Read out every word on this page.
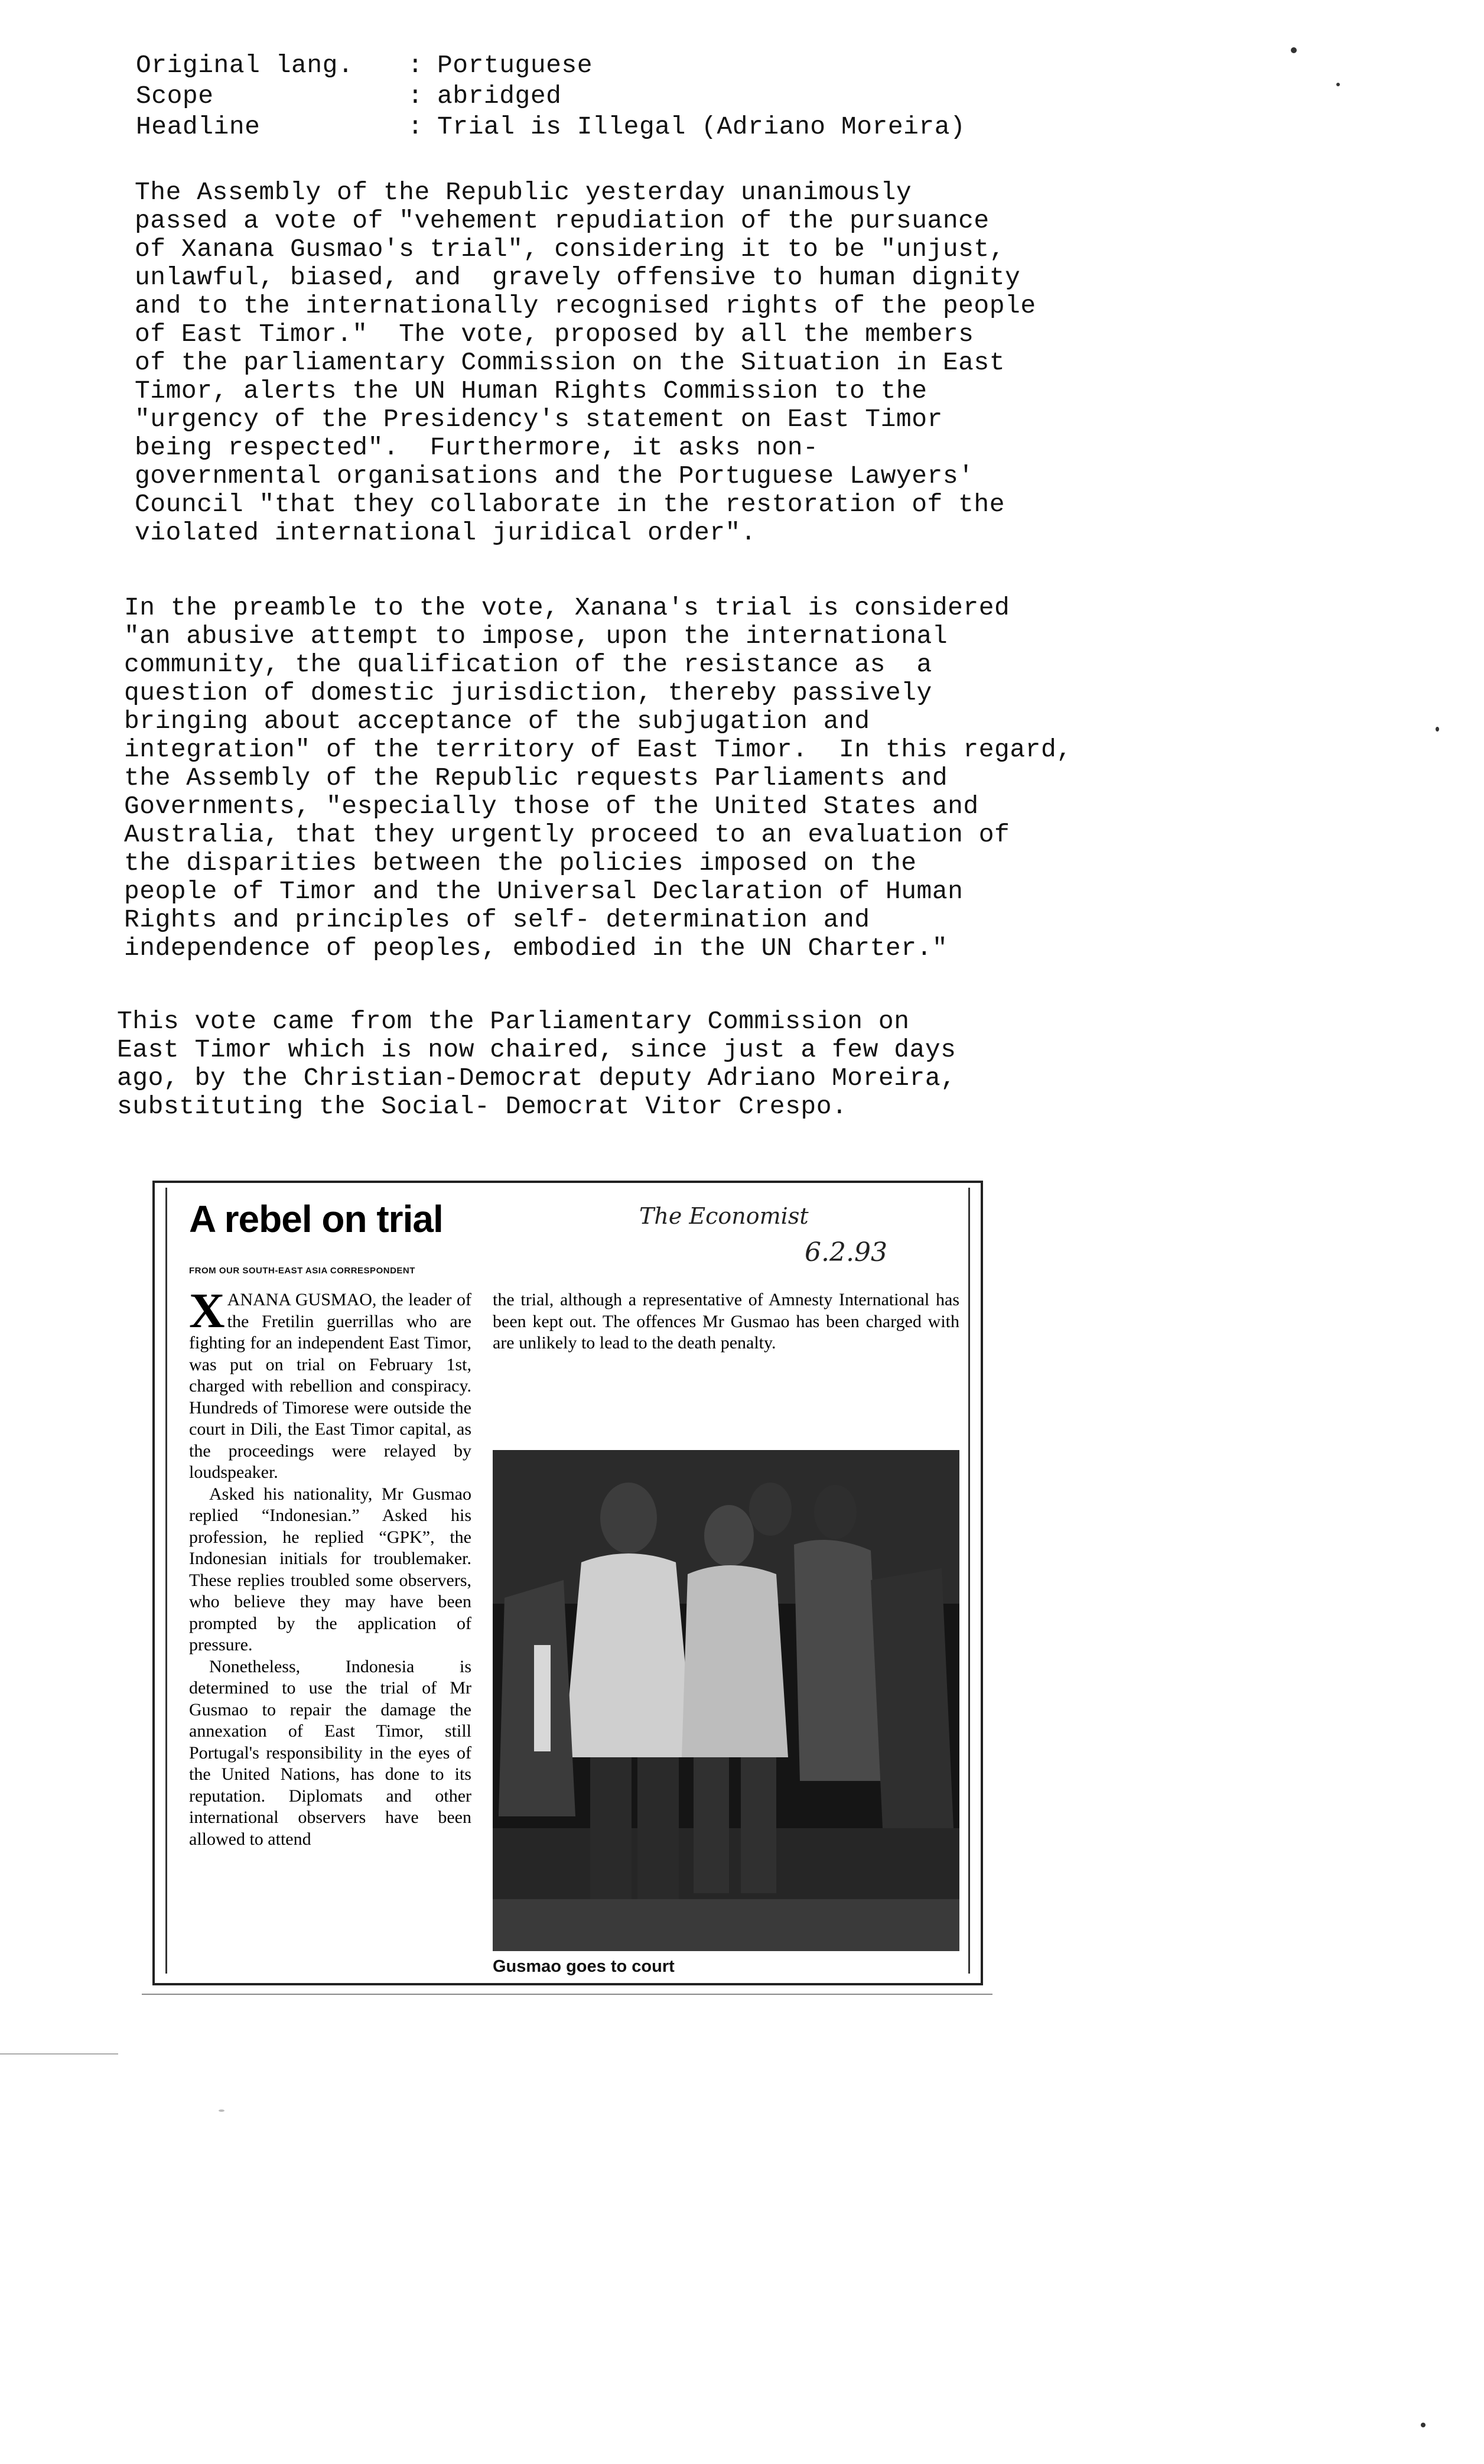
Original lang.	: Portuguese
Scope	: abridged
Headline	: Trial is Illegal (Adriano Moreira)
The Assembly of the Republic yesterday unanimously
passed a vote of "vehement repudiation of the pursuance
of Xanana Gusmao's trial", considering it to be "unjust,
unlawful, biased, and  gravely offensive to human dignity
and to the internationally recognised rights of the people
of East Timor."  The vote, proposed by all the members
of the parliamentary Commission on the Situation in East
Timor, alerts the UN Human Rights Commission to the
"urgency of the Presidency's statement on East Timor
being respected".  Furthermore, it asks non-
governmental organisations and the Portuguese Lawyers'
Council "that they collaborate in the restoration of the
violated international juridical order".
In the preamble to the vote, Xanana's trial is considered
"an abusive attempt to impose, upon the international
community, the qualification of the resistance as  a
question of domestic jurisdiction, thereby passively
bringing about acceptance of the subjugation and
integration" of the territory of East Timor.  In this regard,
the Assembly of the Republic requests Parliaments and
Governments, "especially those of the United States and
Australia, that they urgently proceed to an evaluation of
the disparities between the policies imposed on the
people of Timor and the Universal Declaration of Human
Rights and principles of self- determination and
independence of peoples, embodied in the UN Charter."
This vote came from the Parliamentary Commission on
East Timor which is now chaired, since just a few days
ago, by the Christian-Democrat deputy Adriano Moreira,
substituting the Social- Democrat Vitor Crespo.
A rebel on trial
FROM OUR SOUTH-EAST ASIA CORRESPONDENT
The Economist
6.2.93
X ANANA GUSMAO, the leader of the Fretilin guerrillas who are fighting for an independent East Timor, was put on trial on February 1st, charged with rebellion and conspiracy. Hundreds of Timorese were outside the court in Dili, the East Timor capital, as the proceedings were relayed by loudspeaker.
Asked his nationality, Mr Gusmao replied “Indonesian.” Asked his profession, he replied “GPK”, the Indonesian initials for troublemaker. These replies troubled some observers, who believe they may have been prompted by the application of pressure.
Nonetheless, Indonesia is determined to use the trial of Mr Gusmao to repair the damage the annexation of East Timor, still Portugal's responsibility in the eyes of the United Nations, has done to its reputation. Diplomats and other international observers have been allowed to attend
the trial, although a representative of Amnesty International has been kept out. The offences Mr Gusmao has been charged with are unlikely to lead to the death penalty.
Gusmao goes to court
